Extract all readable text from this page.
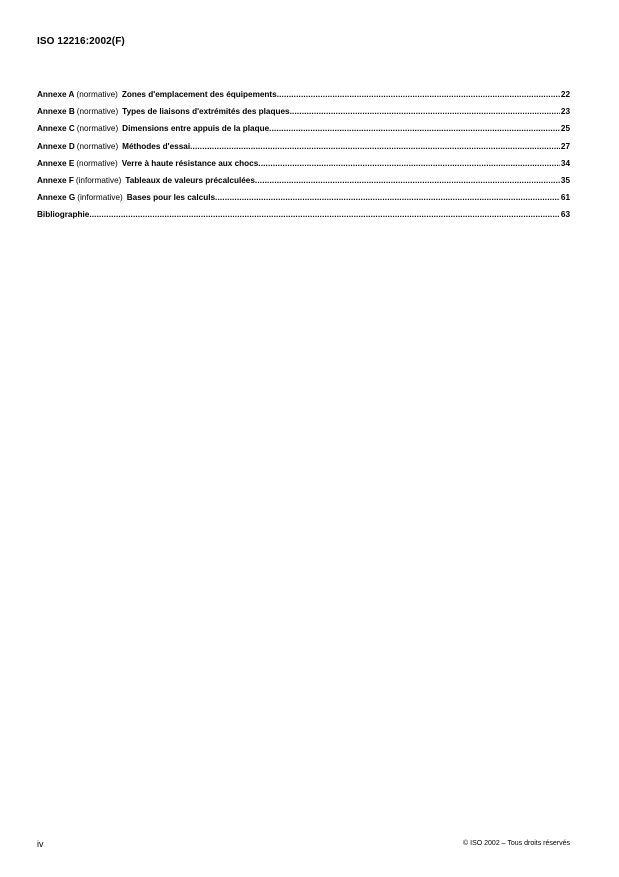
ISO 12216:2002(F)
Annexe A (normative) Zones d'emplacement des équipements .....	22
Annexe B (normative) Types de liaisons d'extrémités des plaques .....	23
Annexe C (normative) Dimensions entre appuis de la plaque .....	25
Annexe D (normative) Méthodes d'essai .....	27
Annexe E (normative) Verre à haute résistance aux chocs .....	34
Annexe F (informative) Tableaux de valeurs précalculées .....	35
Annexe G (informative) Bases pour les calculs .....	61
Bibliographie .....	63
iv	© ISO 2002 – Tous droits réservés
